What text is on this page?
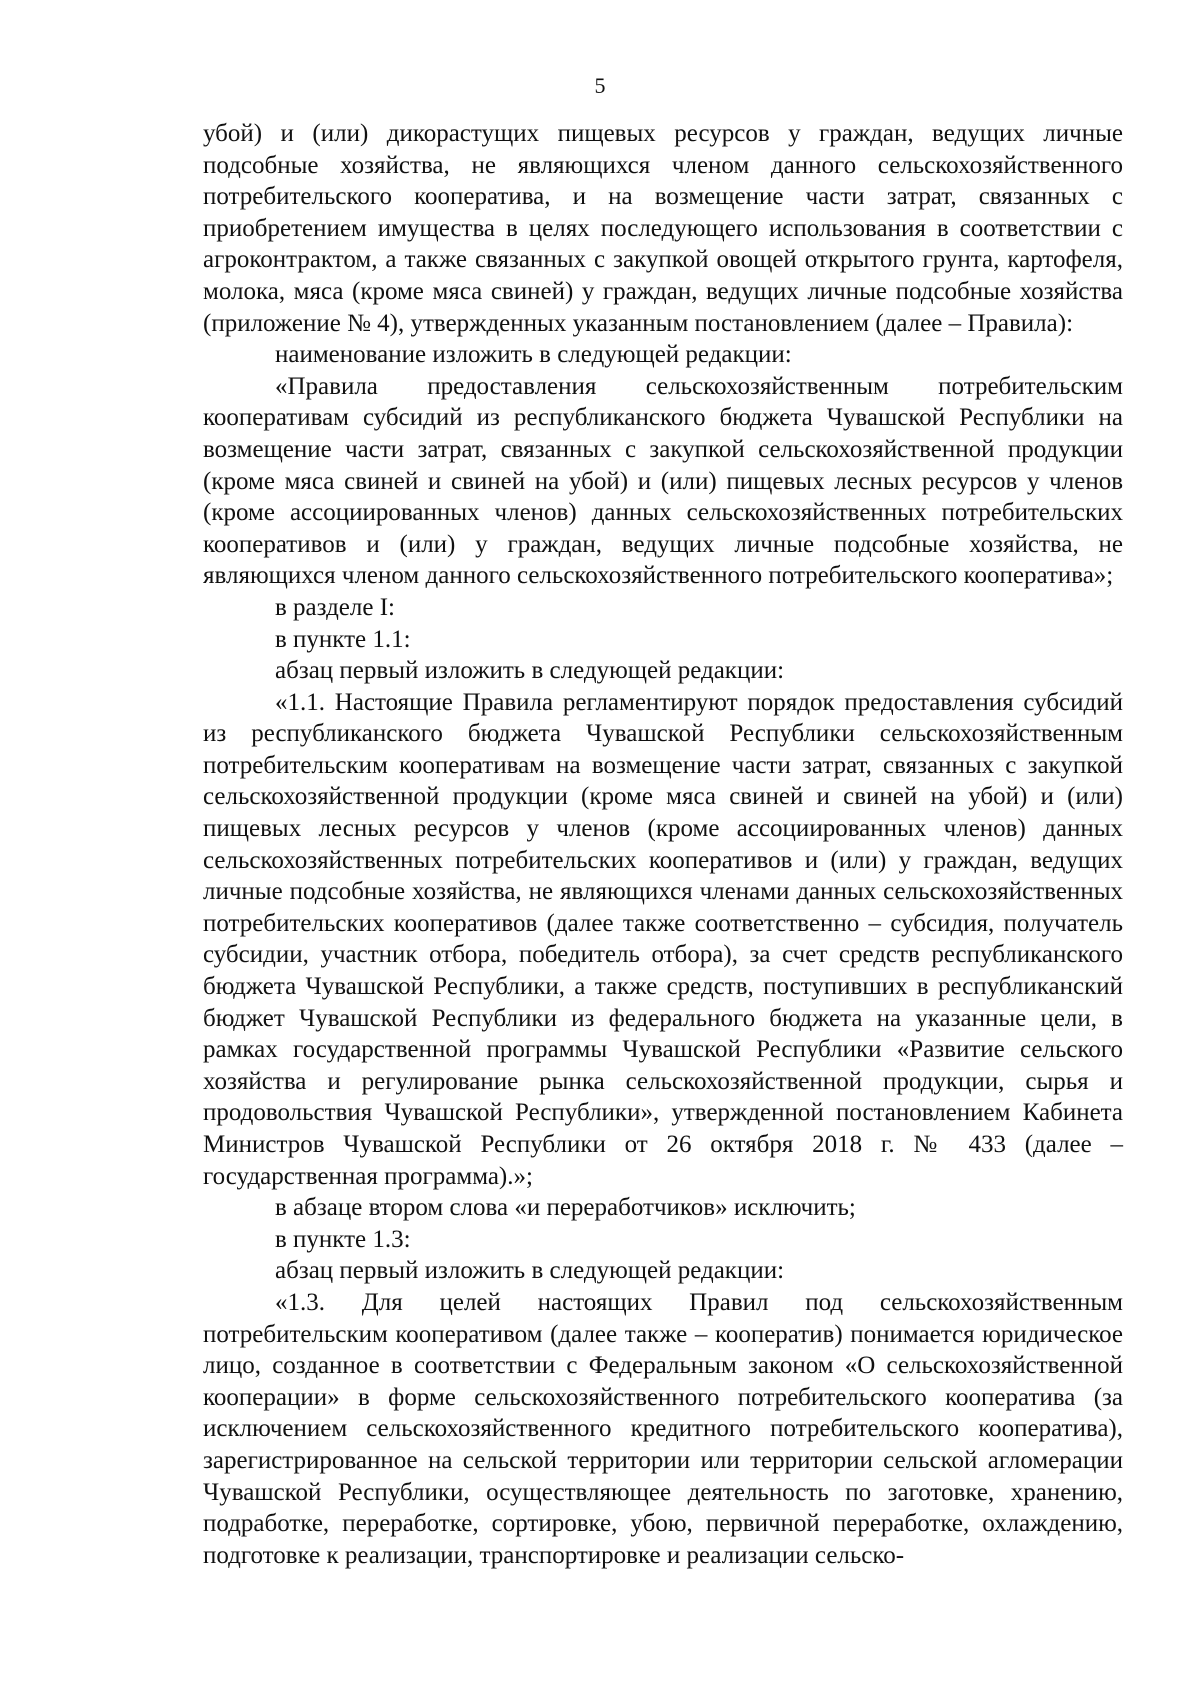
5

убой) и (или) дикорастущих пищевых ресурсов у граждан, ведущих личные подсобные хозяйства, не являющихся членом данного сельскохозяйственного потребительского кооператива, и на возмещение части затрат, связанных с приобретением имущества в целях последующего использования в соответствии с агроконтрактом, а также связанных с закупкой овощей открытого грунта, картофеля, молока, мяса (кроме мяса свиней) у граждан, ведущих личные подсобные хозяйства (приложение № 4), утвержденных указанным постановлением (далее – Правила):

наименование изложить в следующей редакции:

«Правила предоставления сельскохозяйственным потребительским кооперативам субсидий из республиканского бюджета Чувашской Республики на возмещение части затрат, связанных с закупкой сельскохозяйственной продукции (кроме мяса свиней и свиней на убой) и (или) пищевых лесных ресурсов у членов (кроме ассоциированных членов) данных сельскохозяйственных потребительских кооперативов и (или) у граждан, ведущих личные подсобные хозяйства, не являющихся членом данного сельскохозяйственного потребительского кооператива»;

в разделе I:

в пункте 1.1:

абзац первый изложить в следующей редакции:

«1.1. Настоящие Правила регламентируют порядок предоставления субсидий из республиканского бюджета Чувашской Республики сельскохозяйственным потребительским кооперативам на возмещение части затрат, связанных с закупкой сельскохозяйственной продукции (кроме мяса свиней и свиней на убой) и (или) пищевых лесных ресурсов у членов (кроме ассоциированных членов) данных сельскохозяйственных потребительских кооперативов и (или) у граждан, ведущих личные подсобные хозяйства, не являющихся членами данных сельскохозяйственных потребительских кооперативов (далее также соответственно – субсидия, получатель субсидии, участник отбора, победитель отбора), за счет средств республиканского бюджета Чувашской Республики, а также средств, поступивших в республиканский бюджет Чувашской Республики из федерального бюджета на указанные цели, в рамках государственной программы Чувашской Республики «Развитие сельского хозяйства и регулирование рынка сельскохозяйственной продукции, сырья и продовольствия Чувашской Республики», утвержденной постановлением Кабинета Министров Чувашской Республики от 26 октября 2018 г. № 433 (далее – государственная программа).»;

в абзаце втором слова «и переработчиков» исключить;

в пункте 1.3:

абзац первый изложить в следующей редакции:

«1.3. Для целей настоящих Правил под сельскохозяйственным потребительским кооперативом (далее также – кооператив) понимается юридическое лицо, созданное в соответствии с Федеральным законом «О сельскохозяйственной кооперации» в форме сельскохозяйственного потребительского кооператива (за исключением сельскохозяйственного кредитного потребительского кооператива), зарегистрированное на сельской территории или территории сельской агломерации Чувашской Республики, осуществляющее деятельность по заготовке, хранению, подработке, переработке, сортировке, убою, первичной переработке, охлаждению, подготовке к реализации, транспортировке и реализации сельско-
